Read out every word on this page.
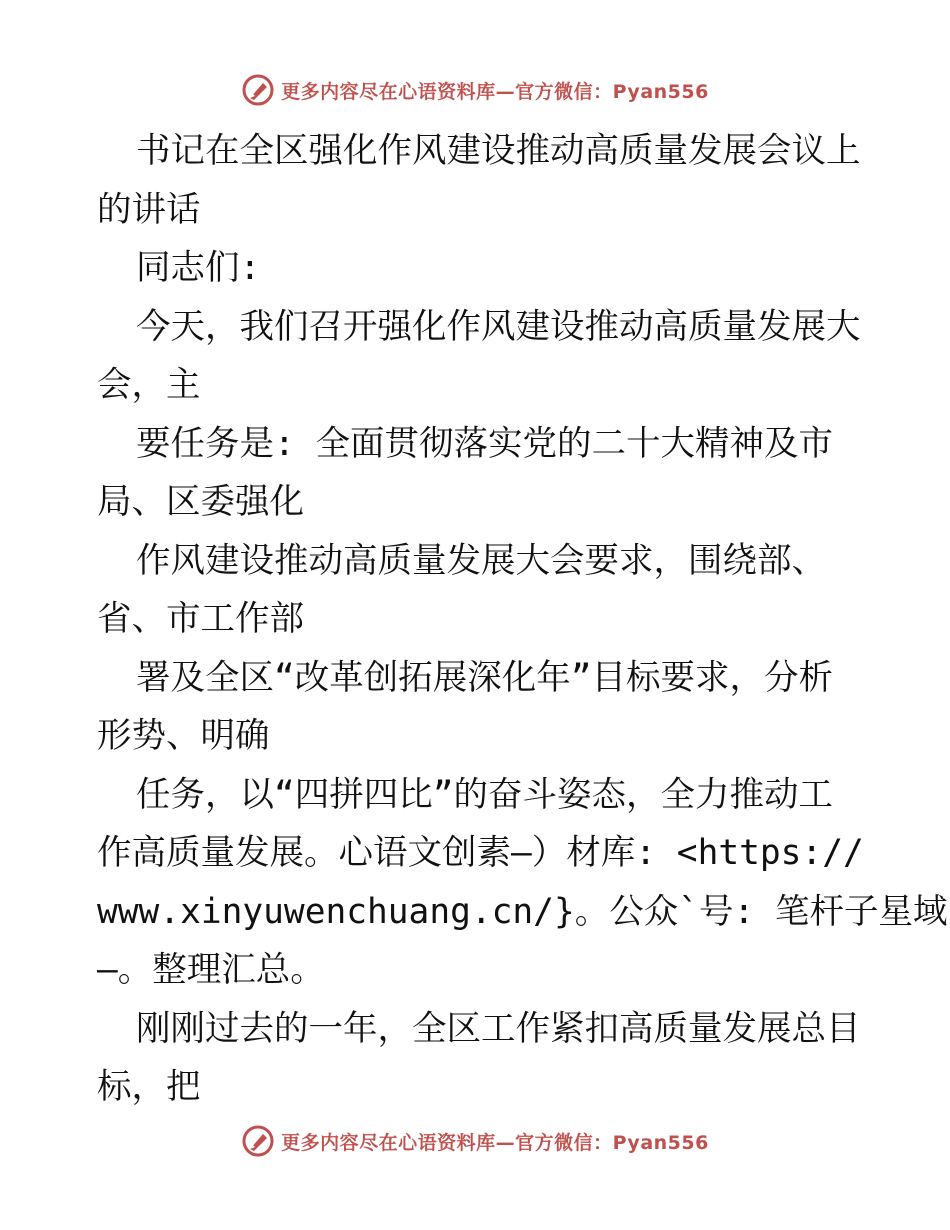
更多内容尽在心语资料库—官方微信：Pyan556
书记在全区强化作风建设推动高质量发展会议上
的讲话
同志们:
今天，我们召开强化作风建设推动高质量发展大
会，主
要任务是: 全面贯彻落实党的二十大精神及市
局、区委强化
作风建设推动高质量发展大会要求，围绕部、
省、市工作部
署及全区“改革创拓展深化年”目标要求，分析
形势、明确
任务，以“四拼四比”的奋斗姿态，全力推动工
作高质量发展。心语文创素—）材库: <https://
www.xinyuwenchuang.cn/}。公众`号: 笔杆子星域
—。整理汇总。
刚刚过去的一年，全区工作紧扣高质量发展总目
标，把
更多内容尽在心语资料库—官方微信：Pyan556
